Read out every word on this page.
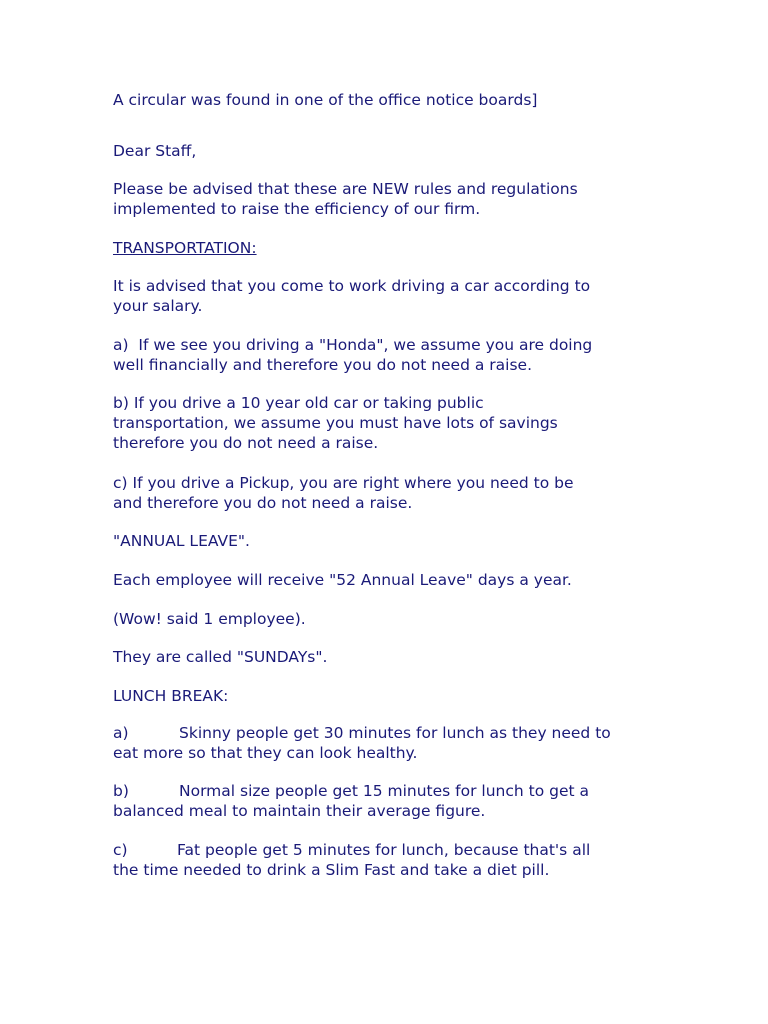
A circular was found in one of the office notice boards]

Dear Staff,

Please be advised that these are NEW rules and regulations

implemented to raise the efficiency of our firm.

TRANSPORTATION:

It is advised that you come to work driving a car according to

your salary.

a)  If we see you driving a "Honda", we assume you are doing

well financially and therefore you do not need a raise.

b) If you drive a 10 year old car or taking public

transportation, we assume you must have lots of savings

therefore you do not need a raise.

c) If you drive a Pickup, you are right where you need to be

and therefore you do not need a raise.

"ANNUAL LEAVE".

Each employee will receive "52 Annual Leave" days a year.

(Wow! said 1 employee).

They are called "SUNDAYs".

LUNCH BREAK:

a)	Skinny people get 30 minutes for lunch as they need to

eat more so that they can look healthy.

b)	Normal size people get 15 minutes for lunch to get a

balanced meal to maintain their average figure.

c)	Fat people get 5 minutes for lunch, because that's all

the time needed to drink a Slim Fast and take a diet pill.
